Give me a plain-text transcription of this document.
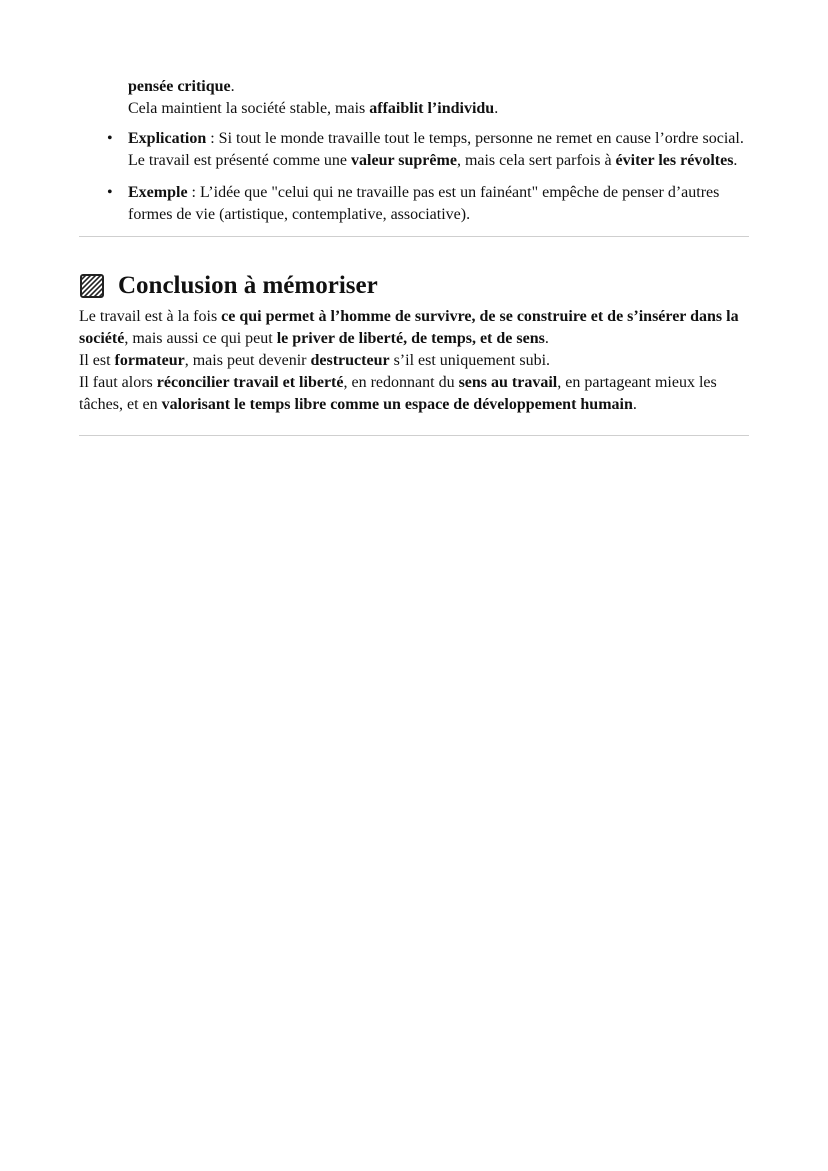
pensée critique.

Cela maintient la société stable, mais affaiblit l’individu.

• Explication : Si tout le monde travaille tout le temps, personne ne remet en cause l’ordre social. Le travail est présenté comme une valeur suprême, mais cela sert parfois à éviter les révoltes.
• Exemple : L’idée que "celui qui ne travaille pas est un fainéant" empêche de penser d’autres formes de vie (artistique, contemplative, associative).
Conclusion à mémoriser

Le travail est à la fois ce qui permet à l’homme de survivre, de se construire et de s’insérer dans la société, mais aussi ce qui peut le priver de liberté, de temps, et de sens.

Il est formateur, mais peut devenir destructeur s’il est uniquement subi.

Il faut alors réconcilier travail et liberté, en redonnant du sens au travail, en partageant mieux les tâches, et en valorisant le temps libre comme un espace de développement humain.
